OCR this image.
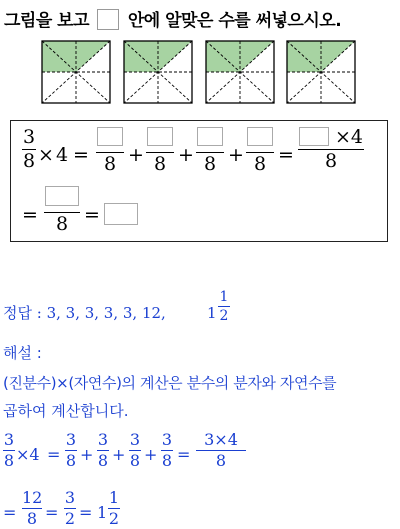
그림을 보고 안에 알맞은 수를 써넣으시오.
3
8 × 4 = 8 + 8 + 8 + 8 =
×4
8
= 8 =
정답 : 3, 3, 3, 3, 3, 12,	1
1
2
해설 :
(진분수)×(자연수)의 계산은 분수의 분자와 자연수를
곱하여 계산합니다.
3
8 ×4 =
3
8 +
3
8 +
3
8 +
3
8 =
3×4
8
=
12
8 =
3
2 = 1
1
2
